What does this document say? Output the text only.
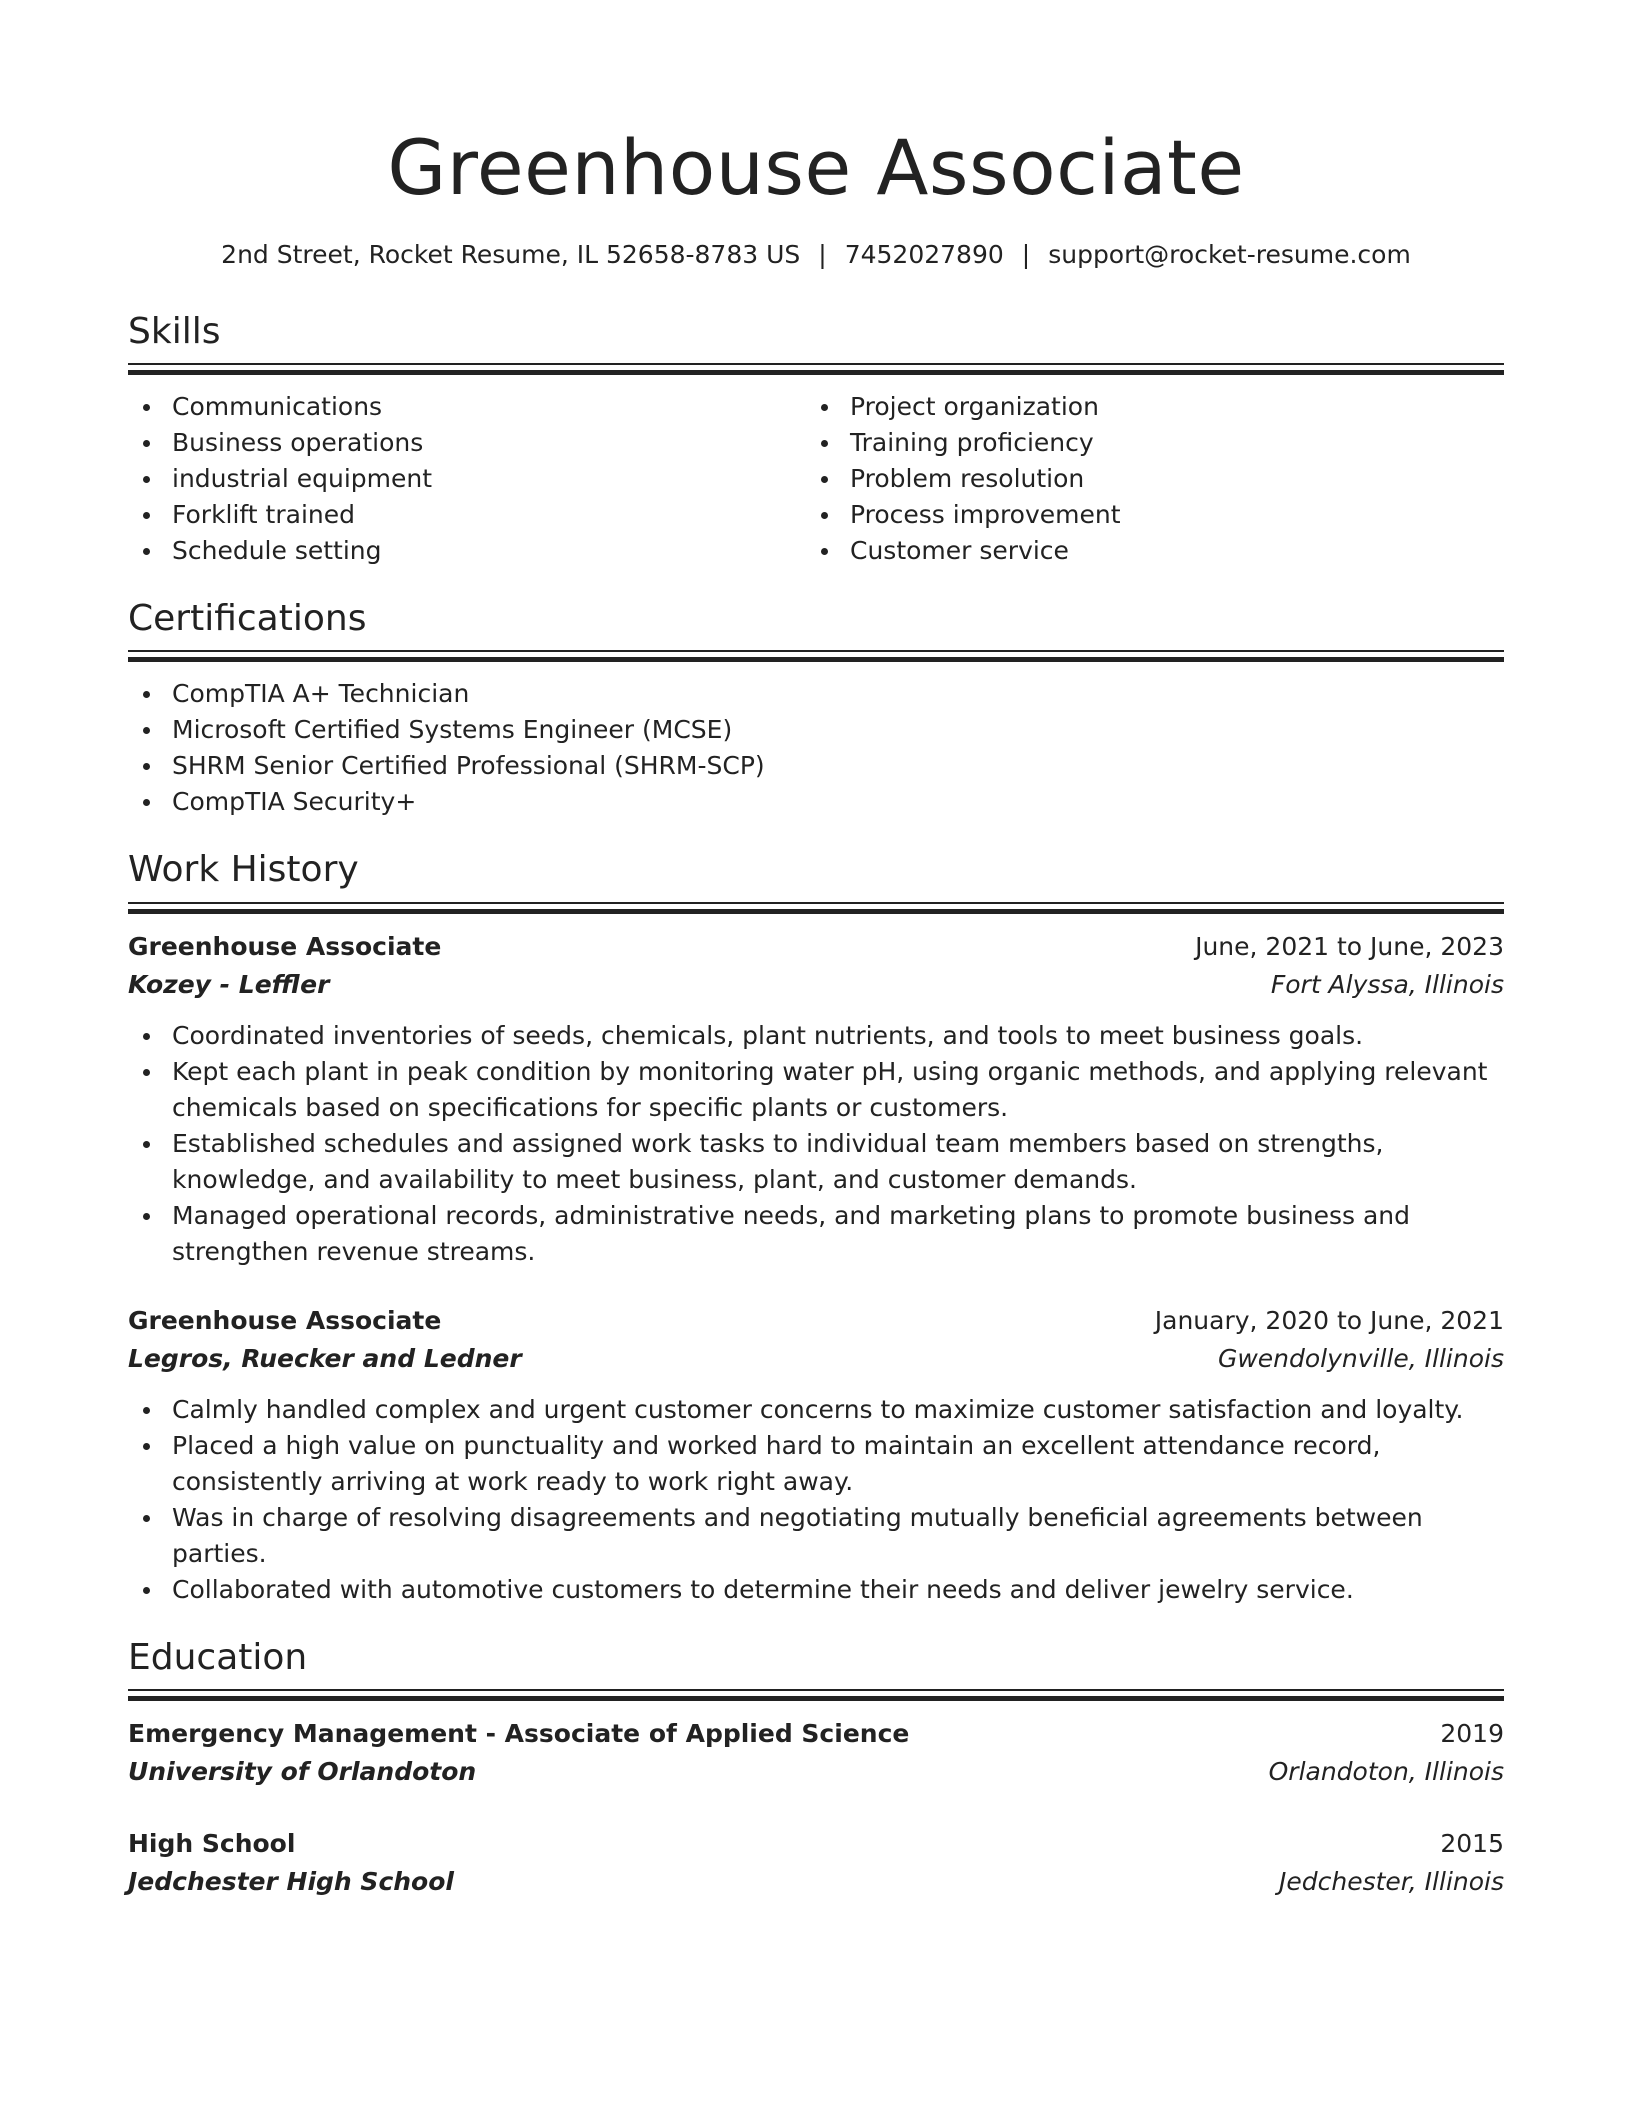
Greenhouse Associate
2nd Street, Rocket Resume, IL 52658-8783 US | 7452027890 | support@rocket-resume.com
Skills
Communications
Business operations
industrial equipment
Forklift trained
Schedule setting
Project organization
Training proficiency
Problem resolution
Process improvement
Customer service
Certifications
CompTIA A+ Technician
Microsoft Certified Systems Engineer (MCSE)
SHRM Senior Certified Professional (SHRM-SCP)
CompTIA Security+
Work History
Greenhouse Associate	June, 2021 to June, 2023
Kozey - Leffler	Fort Alyssa, Illinois
Coordinated inventories of seeds, chemicals, plant nutrients, and tools to meet business goals.
Kept each plant in peak condition by monitoring water pH, using organic methods, and applying relevant chemicals based on specifications for specific plants or customers.
Established schedules and assigned work tasks to individual team members based on strengths, knowledge, and availability to meet business, plant, and customer demands.
Managed operational records, administrative needs, and marketing plans to promote business and strengthen revenue streams.
Greenhouse Associate	January, 2020 to June, 2021
Legros, Ruecker and Ledner	Gwendolynville, Illinois
Calmly handled complex and urgent customer concerns to maximize customer satisfaction and loyalty.
Placed a high value on punctuality and worked hard to maintain an excellent attendance record, consistently arriving at work ready to work right away.
Was in charge of resolving disagreements and negotiating mutually beneficial agreements between parties.
Collaborated with automotive customers to determine their needs and deliver jewelry service.
Education
Emergency Management - Associate of Applied Science	2019
University of Orlandoton	Orlandoton, Illinois
High School	2015
Jedchester High School	Jedchester, Illinois
